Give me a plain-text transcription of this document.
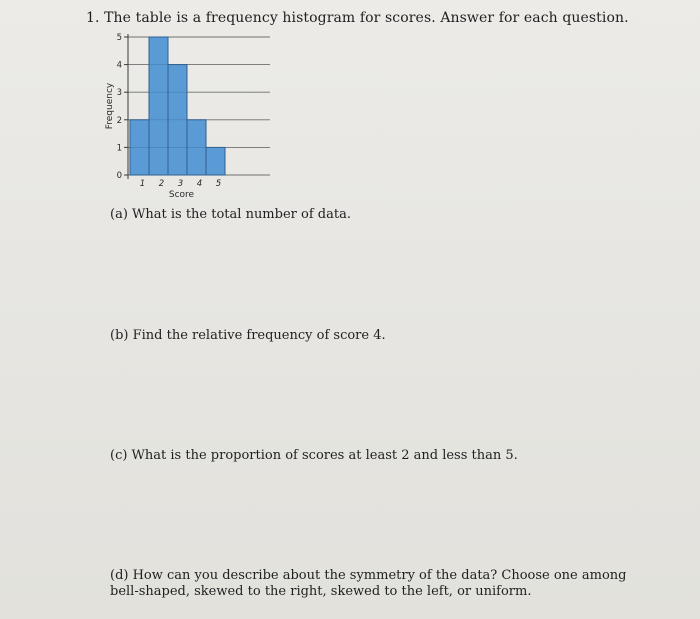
1. The table is a frequency histogram for scores. Answer for each question.
0
1
2
3
4
5
1 2 3 4 5
Frequency
Score
(a) What is the total number of data.
(b) Find the relative frequency of score 4.
(c) What is the proportion of scores at least 2 and less than 5.
(d) How can you describe about the symmetry of the data? Choose one among bell-shaped, skewed to the right, skewed to the left, or uniform.
